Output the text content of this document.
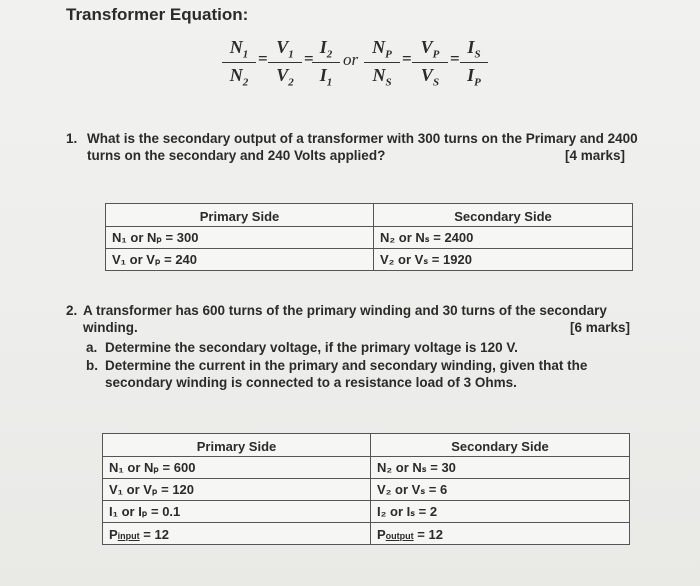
Transformer Equation:
$\frac{N_1}{N_2} = \frac{V_1}{V_2}$ =
$\frac{I_2}{I_1}$ or $\frac{N_P}{N_S} = \frac{V_P}{V_S} = \frac{I_S}{I_P}$
1. What is the secondary output of a transformer with 300 turns on the Primary and 2400
turns on the secondary and 240 Volts applied?	[4 marks]
Primary Side	Secondary Side

N₁ or Nₚ = 300	N₂ or Nₛ = 2400
V₁ or Vₚ = 240	V₂ or Vₛ = 1920
2. A transformer has 600 turns of the primary winding and 30 turns of the secondary
winding.	[6 marks]
a. Determine the secondary voltage, if the primary voltage is 120 V.
b. Determine the current in the primary and secondary winding, given that the
secondary winding is connected to a resistance load of 3 Ohms.
Primary Side	Secondary Side

N₁ or Nₚ = 600	N₂ or Nₛ = 30
V₁ or Vₚ = 120	V₂ or Vₛ = 6
I₁ or Iₚ = 0.1	I₂ or Iₛ = 2
Pinput = 12	Poutput = 12
